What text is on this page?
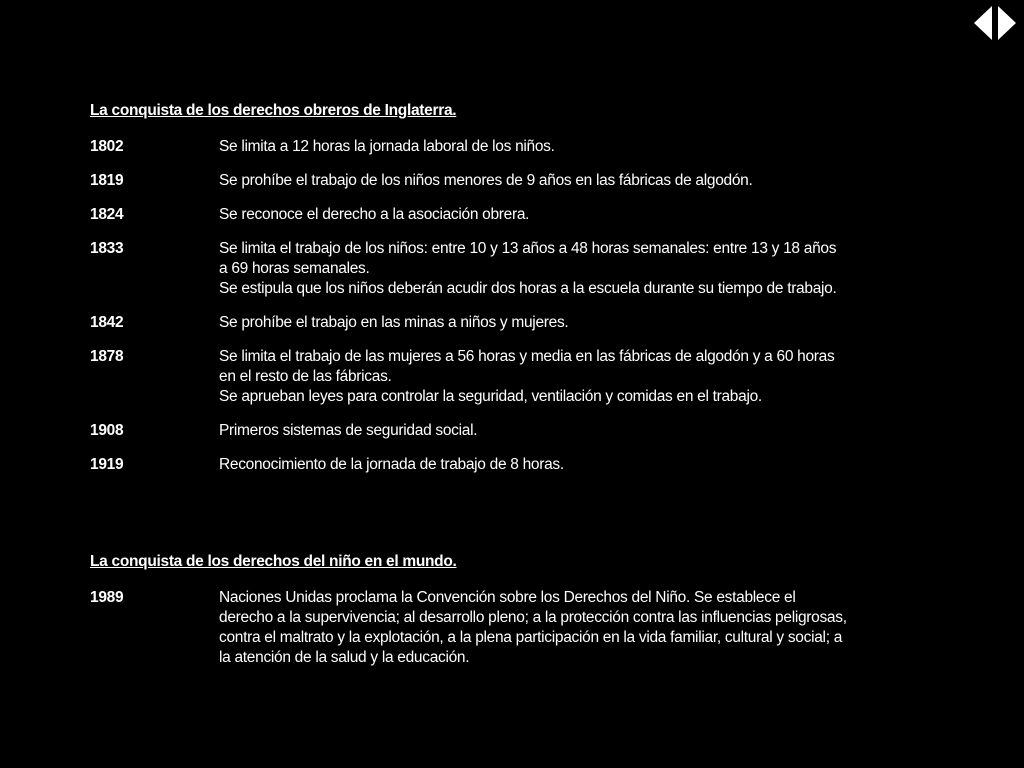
La conquista de los derechos obreros de Inglaterra.
1802	Se limita a 12 horas la jornada laboral de los niños.
1819	Se prohíbe el trabajo de los niños menores de 9 años en las fábricas de algodón.
1824	Se reconoce el derecho a la asociación obrera.
1833	Se limita el trabajo de los niños: entre 10 y 13 años a 48 horas semanales: entre 13 y 18 años
a 69 horas semanales.
Se estipula que los niños deberán acudir dos horas a la escuela durante su tiempo de trabajo.
1842	Se prohíbe el trabajo en las minas a niños y mujeres.
1878	Se limita el trabajo de las mujeres a 56 horas y media en las fábricas de algodón y a 60 horas
en el resto de las fábricas.
Se aprueban leyes para controlar la seguridad, ventilación y comidas en el trabajo.
1908	Primeros sistemas de seguridad social.
1919	Reconocimiento de la jornada de trabajo de 8 horas.
La conquista de los derechos del niño en el mundo.
1989	Naciones Unidas proclama la Convención sobre los Derechos del Niño. Se establece el
derecho a la supervivencia; al desarrollo pleno; a la protección contra las influencias peligrosas,
contra el maltrato y la explotación, a la plena participación en la vida familiar, cultural y social; a
la atención de la salud y la educación.
